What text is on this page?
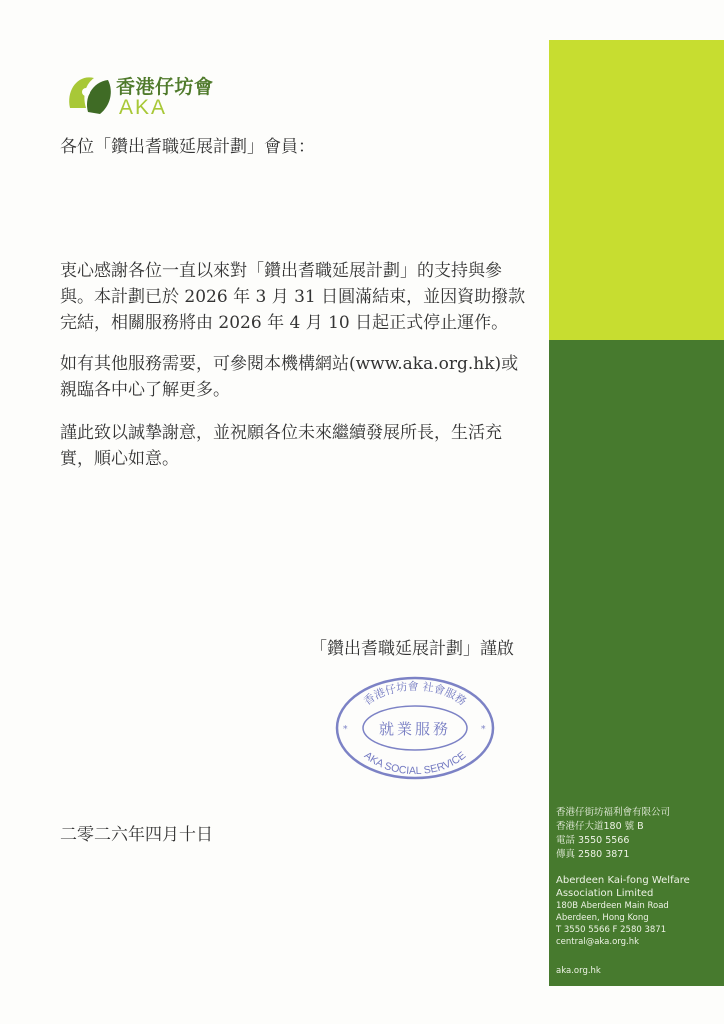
香港仔坊會
AKA
各位「鑽出耆職延展計劃」會員：

衷心感謝各位一直以來對「鑽出耆職延展計劃」的支持與參

與。本計劃已於 2026 年 3 月 31 日圓滿結束，並因資助撥款

完結，相關服務將由 2026 年 4 月 10 日起正式停止運作。

如有其他服務需要，可參閱本機構網站(www.aka.org.hk)或

親臨各中心了解更多。

謹此致以誠摯謝意，並祝願各位未來繼續發展所長，生活充

實，順心如意。

「鑽出耆職延展計劃」謹啟
香港仔坊會 社會服務
就業服務
AKA SOCIAL SERVICE
*	*
二零二六年四月十日
香港仔街坊福利會有限公司
香港仔大道180 號 B
電話 3550 5566
傳真 2580 3871
Aberdeen Kai-fong Welfare
Association Limited
180B Aberdeen Main Road
Aberdeen, Hong Kong
T 3550 5566 F 2580 3871
central@aka.org.hk
aka.org.hk
